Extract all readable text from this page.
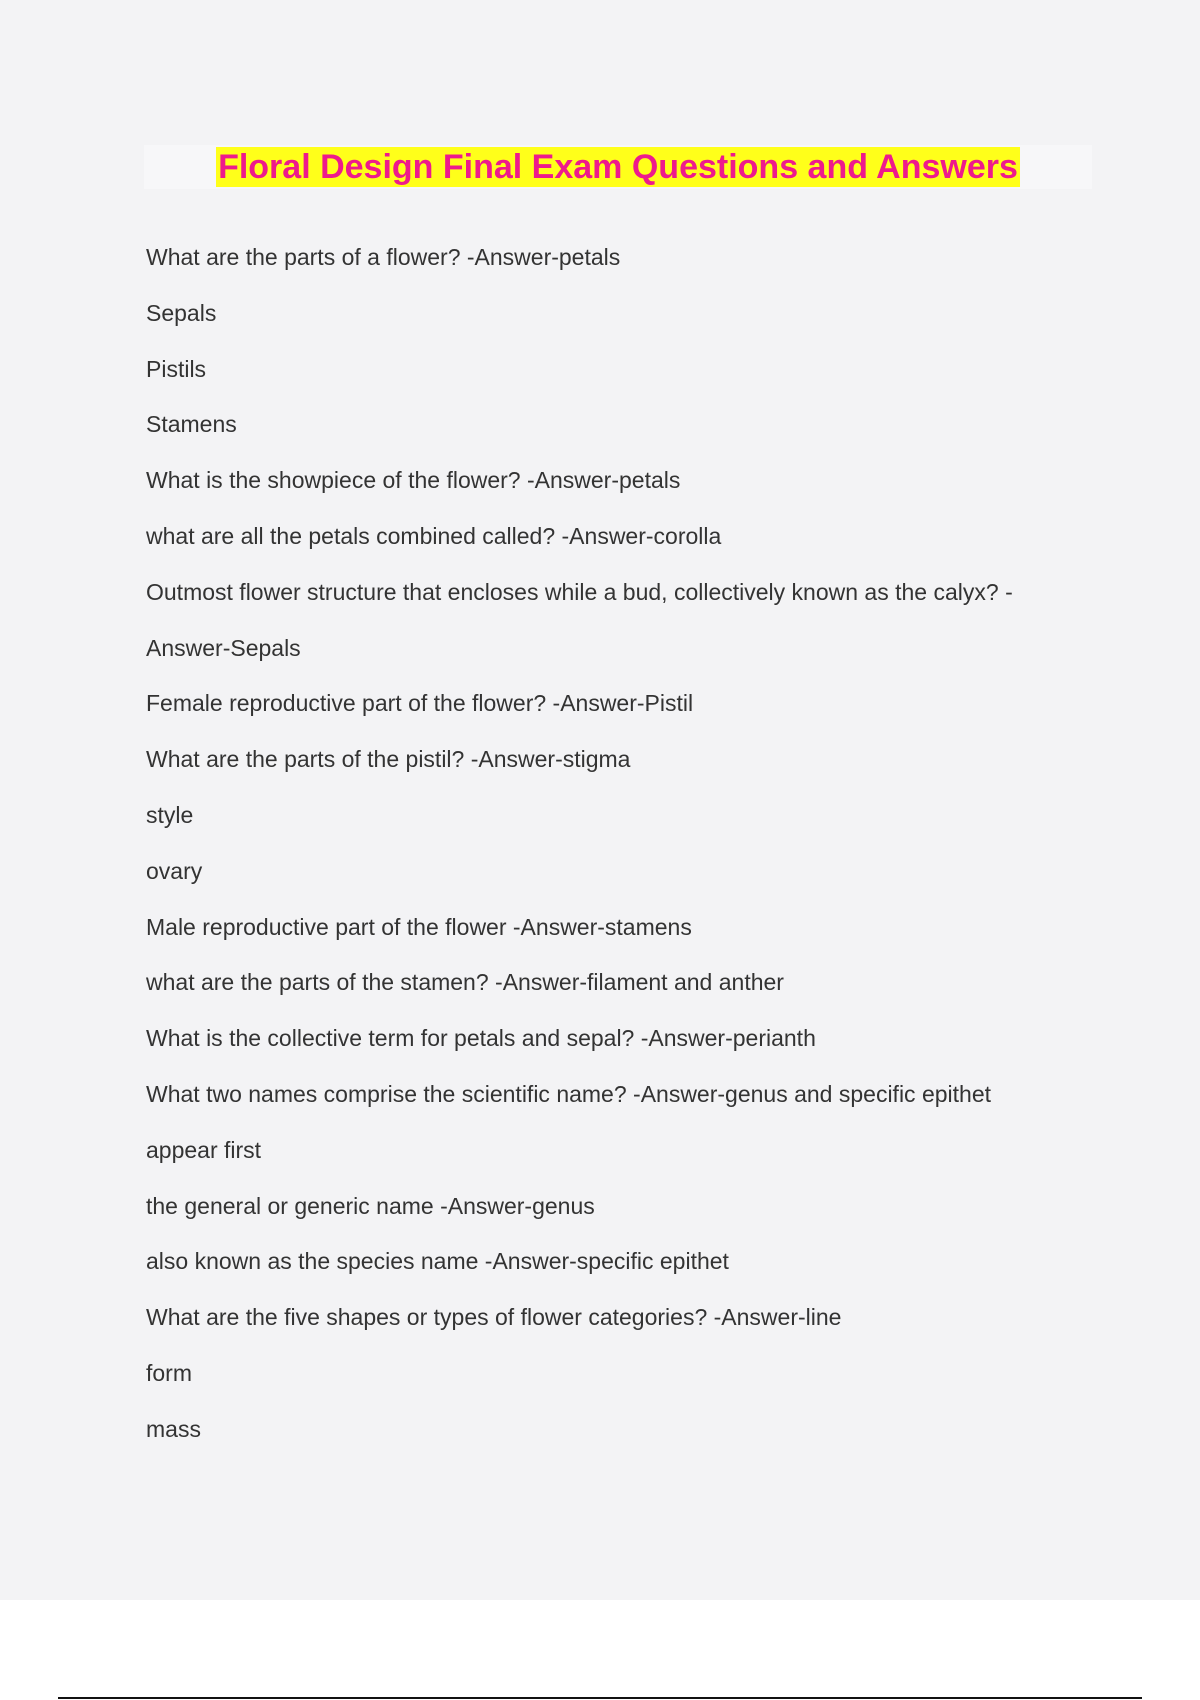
Floral Design Final Exam Questions and Answers
What are the parts of a flower? -Answer-petals
Sepals
Pistils
Stamens
What is the showpiece of the flower? -Answer-petals
what are all the petals combined called? -Answer-corolla
Outmost flower structure that encloses while a bud, collectively known as the calyx? -
Answer-Sepals
Female reproductive part of the flower? -Answer-Pistil
What are the parts of the pistil? -Answer-stigma
style
ovary
Male reproductive part of the flower -Answer-stamens
what are the parts of the stamen? -Answer-filament and anther
What is the collective term for petals and sepal? -Answer-perianth
What two names comprise the scientific name? -Answer-genus and specific epithet
appear first
the general or generic name -Answer-genus
also known as the species name -Answer-specific epithet
What are the five shapes or types of flower categories? -Answer-line
form
mass
